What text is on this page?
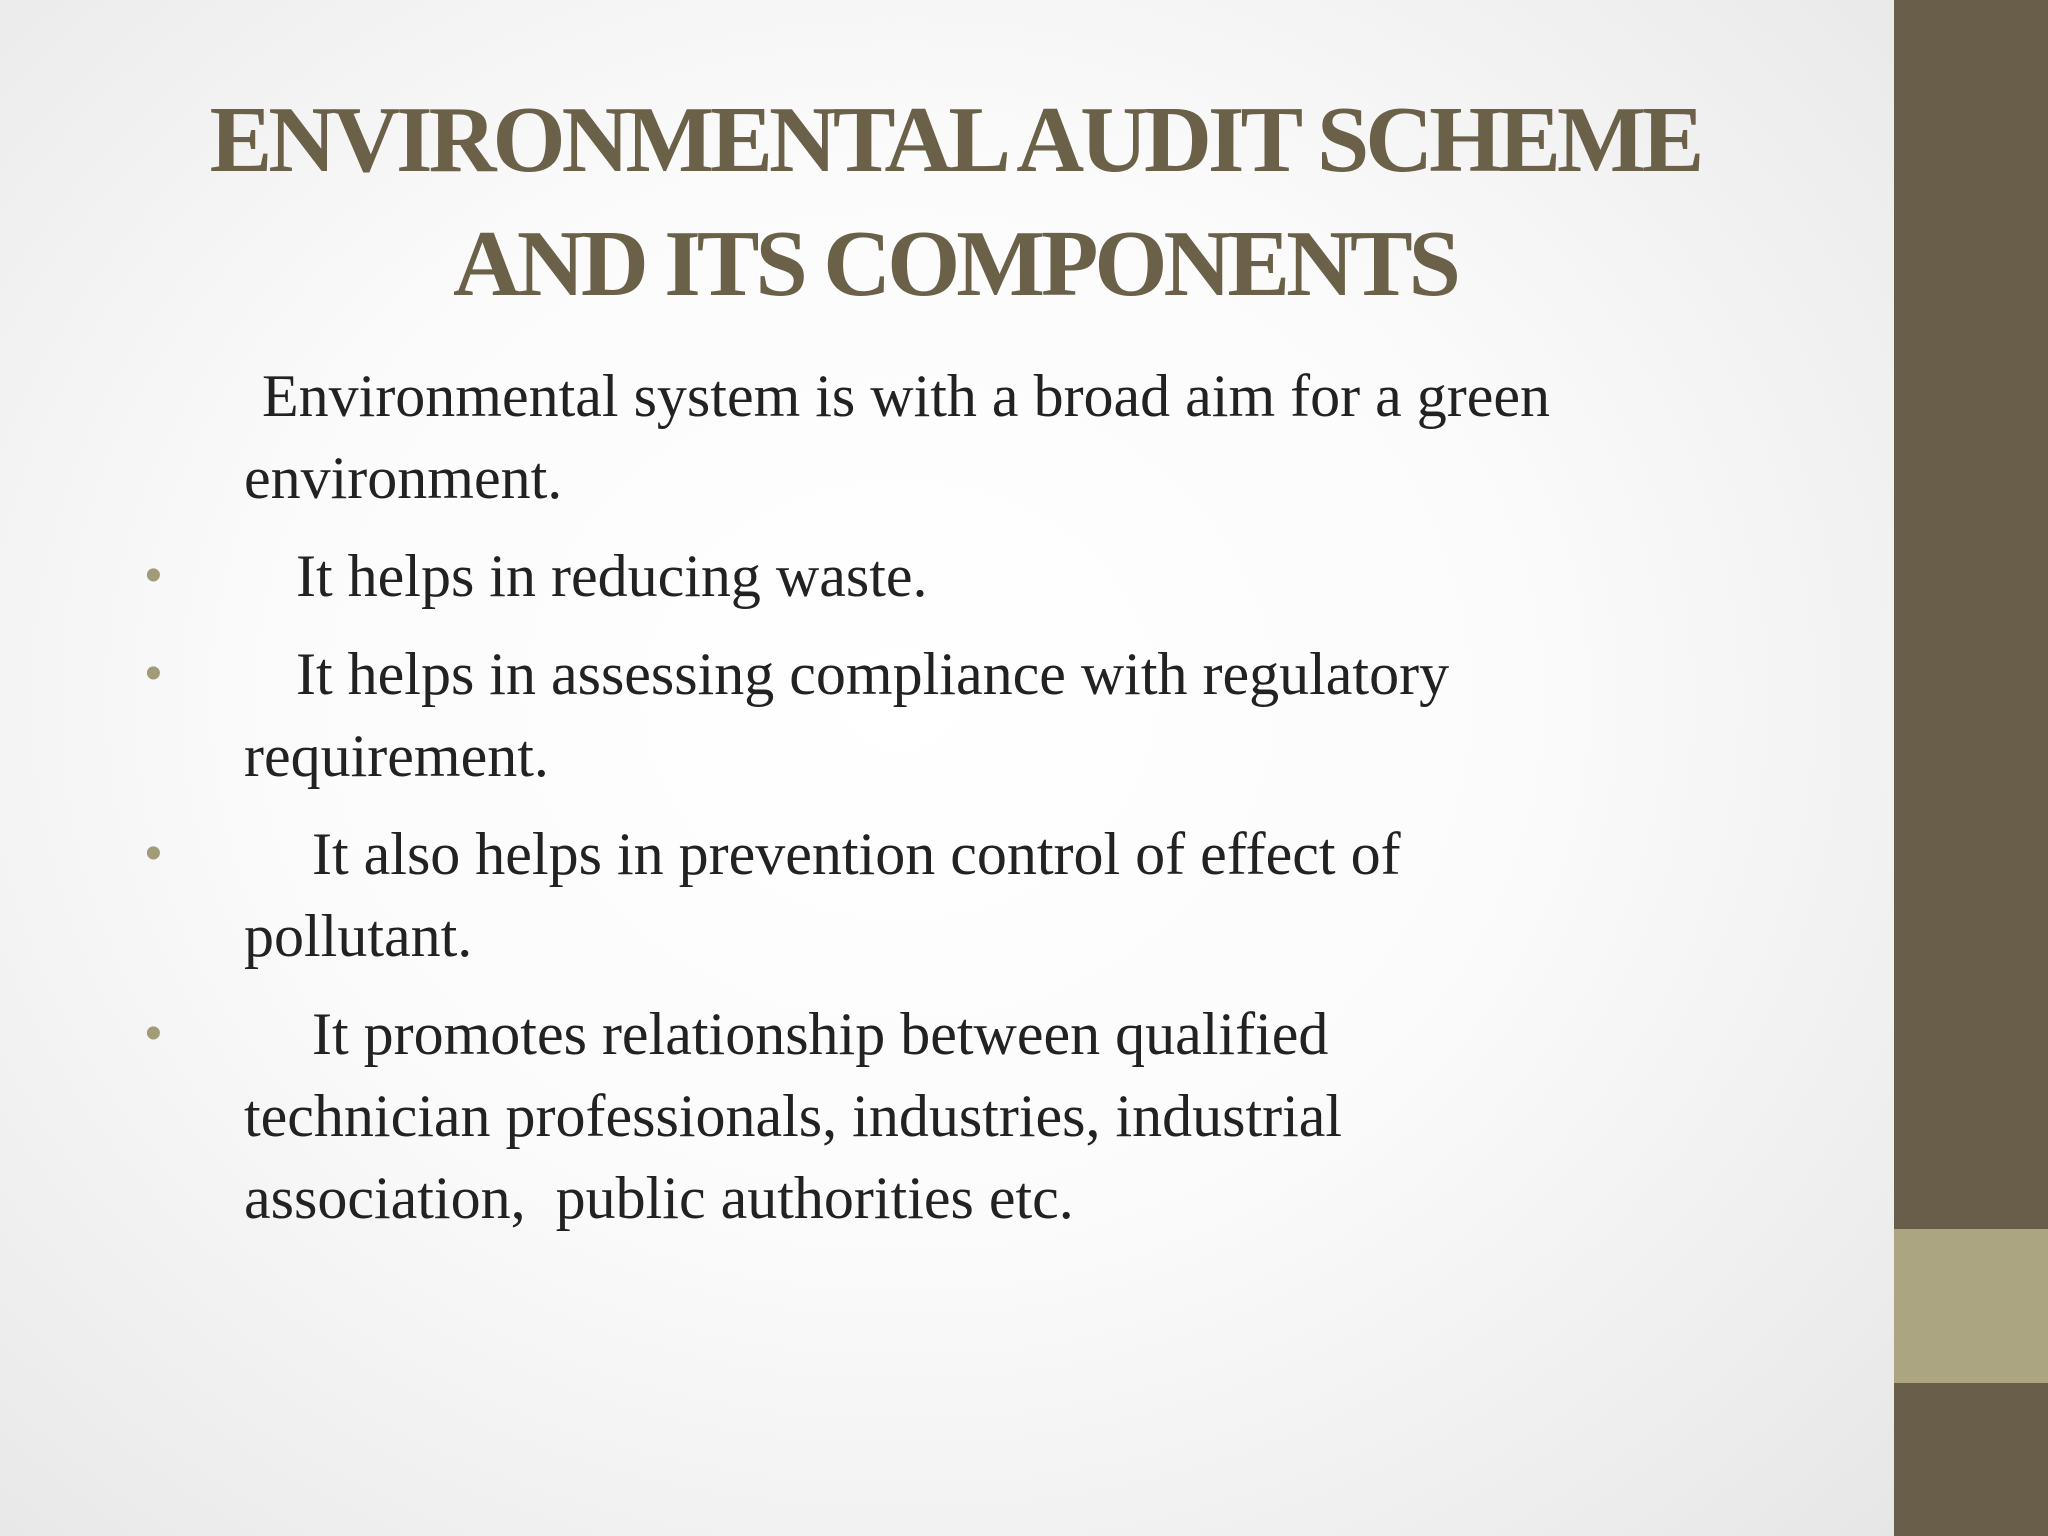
ENVIRONMENTAL AUDIT SCHEME
AND ITS COMPONENTS
Environmental system is with a broad aim for a green
environment.
•	It helps in reducing waste.
•	It helps in assessing compliance with regulatory
requirement.
•	It also helps in prevention control of effect of
pollutant.
•	It promotes relationship between qualified
technician professionals, industries, industrial
association,  public authorities etc.
